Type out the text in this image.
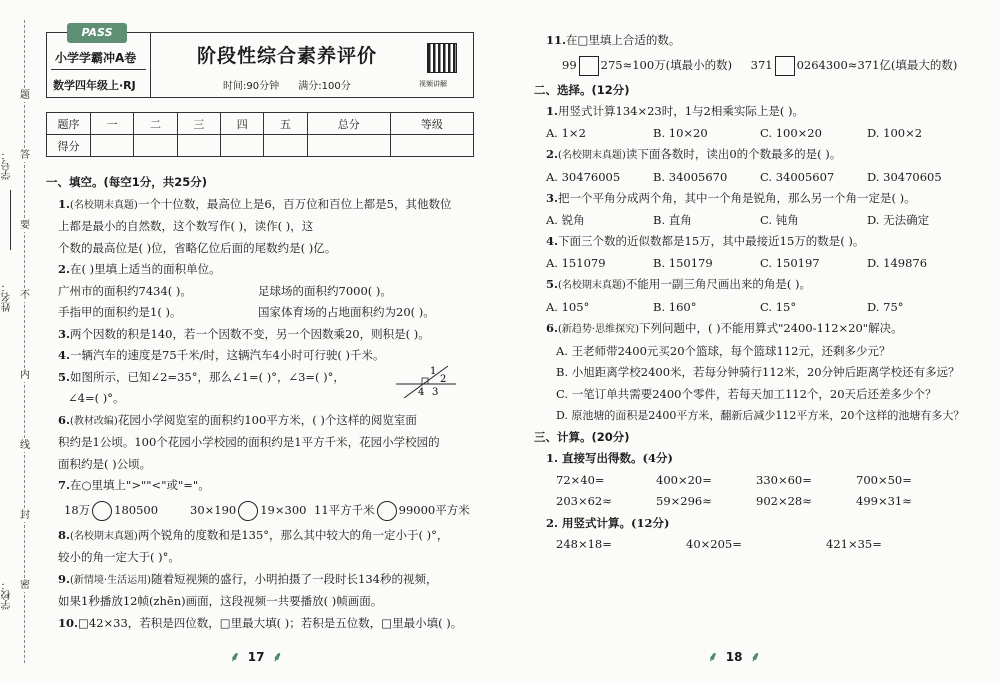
题
答
要
不
内
线
封
密
学号：
姓名：
学校：
PASS
小学学霸冲A卷
数学四年级上·RJ
阶段性综合素养评价
时间:90分钟 满分:100分	视频讲解
题序	一	二	三	四	五	总分	等级
得分							
一、填空。(每空1分，共25分)
1.(名校期末真题)一个十位数，最高位上是6，百万位和百位上都是5，其他数位
上都是最小的自然数，这个数写作( )，读作( )，这
个数的最高位是( )位，省略亿位后面的尾数约是( )亿。
2.在( )里填上适当的面积单位。
广州市的面积约7434( )。	足球场的面积约7000( )。
手指甲的面积约是1( )。	国家体育场的占地面积约为20( )。
3.两个因数的积是140，若一个因数不变，另一个因数乘20，则积是( )。
4.一辆汽车的速度是75千米/时，这辆汽车4小时可行驶( )千米。
5.如图所示，已知∠2=35°，那么∠1=( )°，∠3=( )°，
∠4=( )°。
6.(教材改编)花园小学阅览室的面积约100平方米，( )个这样的阅览室面
积约是1公顷。100个花园小学校园的面积约是1平方千米，花园小学校园的
面积约是( )公顷。
7.在○里填上">""<"或"="。
18万 180500	30×190 19×300 11平方千米 99000平方米
8.(名校期末真题)两个锐角的度数和是135°，那么其中较大的角一定小于( )°，
较小的角一定大于( )°。
9.(新情境·生活运用)随着短视频的盛行，小明拍摄了一段时长134秒的视频，
如果1秒播放12帧(zhēn)画面，这段视频一共要播放( )帧画面。
10.□42×33，若积是四位数，□里最大填( )；若积是五位数，□里最小填( )。
1
2
3
4
⸙ 17 ⸙
11.在□里填上合适的数。
99 275≈100万(填最小的数)	371 0264300≈371亿(填最大的数)
二、选择。(12分)
1.用竖式计算134×23时，1与2相乘实际上是( )。
A. 1×2	B. 10×20	C. 100×20	D. 100×2
2.(名校期末真题)读下面各数时，读出0的个数最多的是( )。
A. 30476005	B. 34005670	C. 34005607	D. 30470605
3.把一个平角分成两个角，其中一个角是锐角，那么另一个角一定是( )。
A. 锐角	B. 直角	C. 钝角	D. 无法确定
4.下面三个数的近似数都是15万，其中最接近15万的数是( )。
A. 151079	B. 150179	C. 150197	D. 149876
5.(名校期末真题)不能用一副三角尺画出来的角是( )。
A. 105°	B. 160°	C. 15°	D. 75°
6.(新趋势·思维探究)下列问题中，( )不能用算式"2400-112×20"解决。
A. 王老师带2400元买20个篮球，每个篮球112元，还剩多少元？
B. 小旭距离学校2400米，若每分钟骑行112米，20分钟后距离学校还有多远？
C. 一笔订单共需要2400个零件，若每天加工112个，20天后还差多少个？
D. 原池塘的面积是2400平方米，翻新后减少112平方米，20个这样的池塘有多大？
三、计算。(20分)
1. 直接写出得数。(4分)
72×40=	400×20=	330×60=	700×50=
203×62≈	59×296≈	902×28≈	499×31≈
2. 用竖式计算。(12分)
248×18=	40×205=	421×35=
⸙ 18 ⸙
